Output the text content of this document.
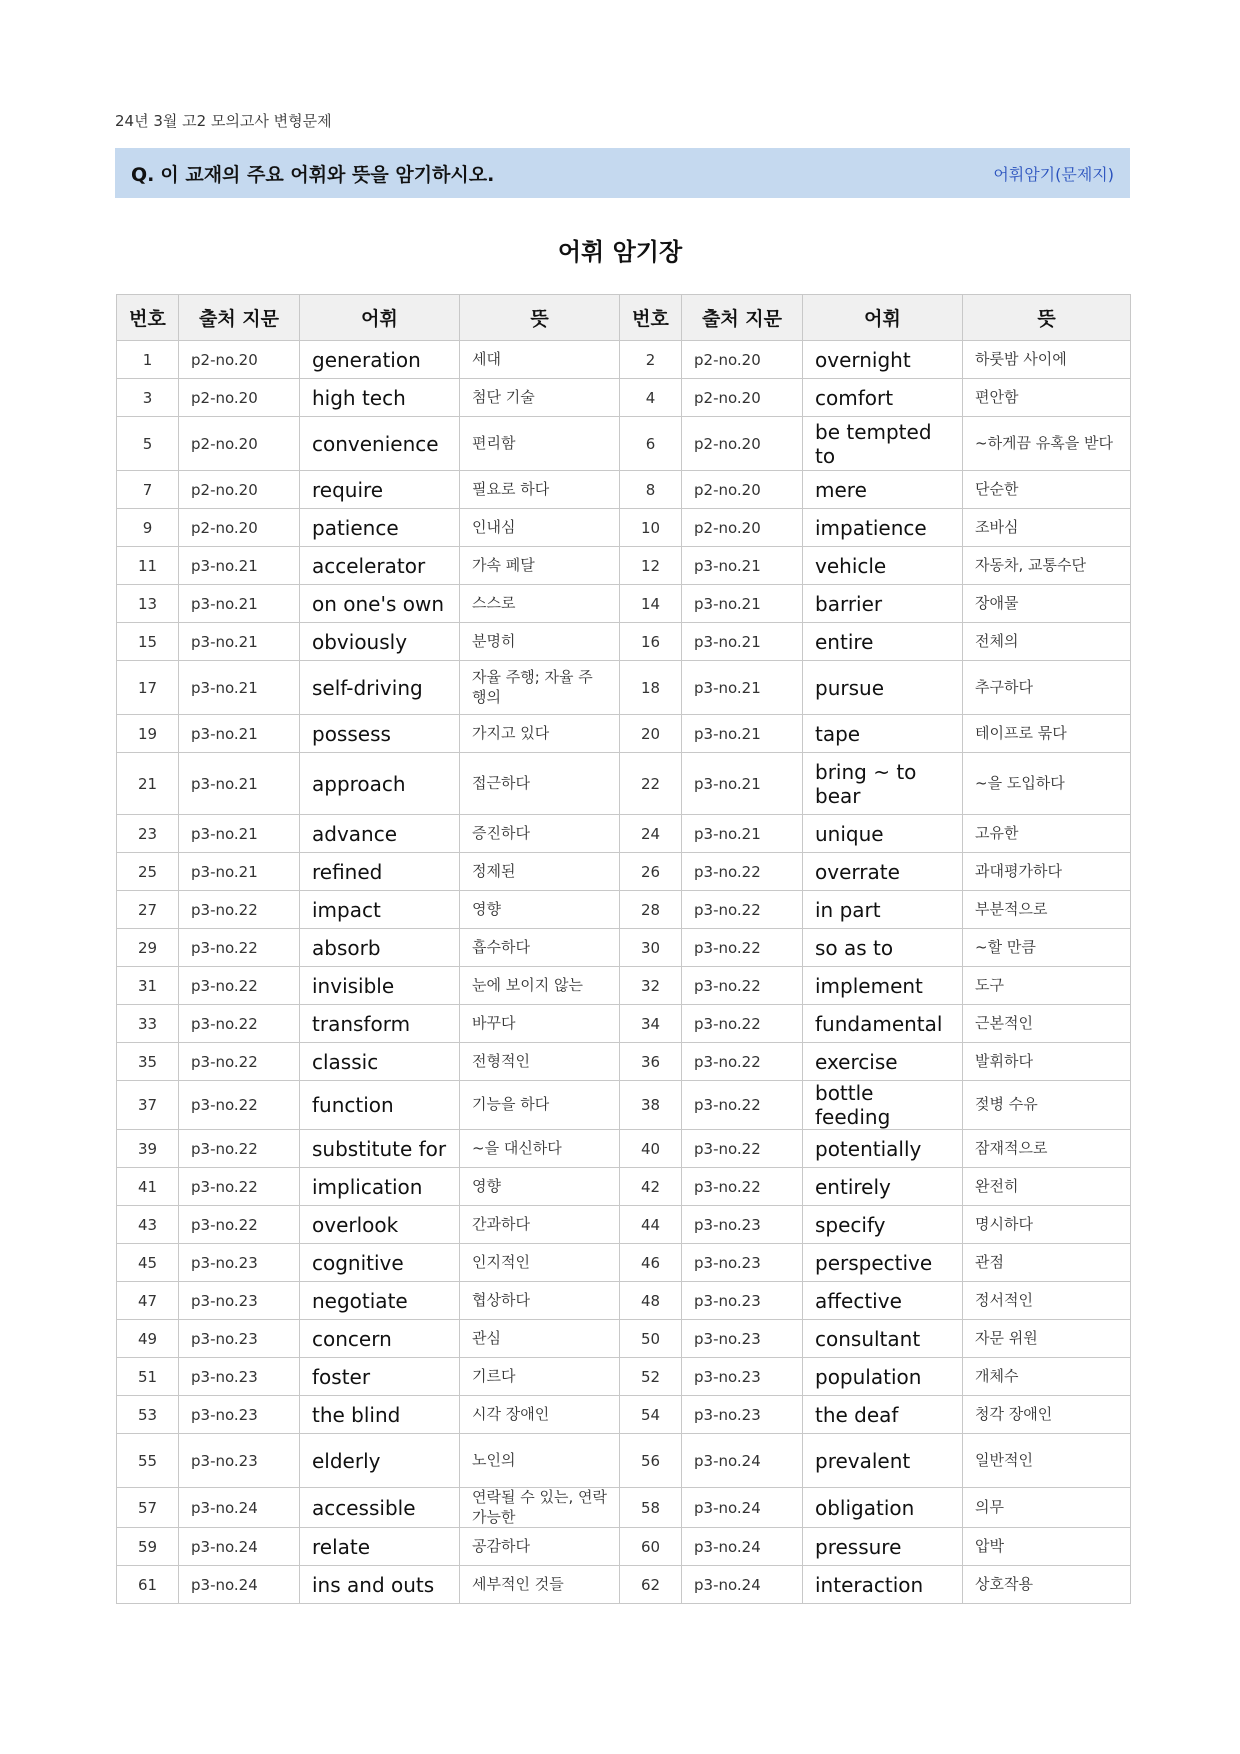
24년 3월 고2 모의고사 변형문제
Q. 이 교재의 주요 어휘와 뜻을 암기하시오.	어휘암기(문제지)
어휘 암기장
번호	출처 지문	어휘	뜻	번호	출처 지문	어휘	뜻
1	p2-no.20	generation	세대	2	p2-no.20	overnight	하룻밤 사이에
3	p2-no.20	high tech	첨단 기술	4	p2-no.20	comfort	편안함
5	p2-no.20	convenience	편리함	6	p2-no.20	be tempted to	~하게끔 유혹을 받다
7	p2-no.20	require	필요로 하다	8	p2-no.20	mere	단순한
9	p2-no.20	patience	인내심	10	p2-no.20	impatience	조바심
11	p3-no.21	accelerator	가속 페달	12	p3-no.21	vehicle	자동차, 교통수단
13	p3-no.21	on one's own	스스로	14	p3-no.21	barrier	장애물
15	p3-no.21	obviously	분명히	16	p3-no.21	entire	전체의
17	p3-no.21	self-driving	자율 주행; 자율 주행의	18	p3-no.21	pursue	추구하다
19	p3-no.21	possess	가지고 있다	20	p3-no.21	tape	테이프로 묶다
21	p3-no.21	approach	접근하다	22	p3-no.21	bring ~ to bear	~을 도입하다
23	p3-no.21	advance	증진하다	24	p3-no.21	unique	고유한
25	p3-no.21	refined	정제된	26	p3-no.22	overrate	과대평가하다
27	p3-no.22	impact	영향	28	p3-no.22	in part	부분적으로
29	p3-no.22	absorb	흡수하다	30	p3-no.22	so as to	~할 만큼
31	p3-no.22	invisible	눈에 보이지 않는	32	p3-no.22	implement	도구
33	p3-no.22	transform	바꾸다	34	p3-no.22	fundamental	근본적인
35	p3-no.22	classic	전형적인	36	p3-no.22	exercise	발휘하다
37	p3-no.22	function	기능을 하다	38	p3-no.22	bottle feeding	젖병 수유
39	p3-no.22	substitute for	~을 대신하다	40	p3-no.22	potentially	잠재적으로
41	p3-no.22	implication	영향	42	p3-no.22	entirely	완전히
43	p3-no.22	overlook	간과하다	44	p3-no.23	specify	명시하다
45	p3-no.23	cognitive	인지적인	46	p3-no.23	perspective	관점
47	p3-no.23	negotiate	협상하다	48	p3-no.23	affective	정서적인
49	p3-no.23	concern	관심	50	p3-no.23	consultant	자문 위원
51	p3-no.23	foster	기르다	52	p3-no.23	population	개체수
53	p3-no.23	the blind	시각 장애인	54	p3-no.23	the deaf	청각 장애인
55	p3-no.23	elderly	노인의	56	p3-no.24	prevalent	일반적인
57	p3-no.24	accessible	연락될 수 있는, 연락 가능한	58	p3-no.24	obligation	의무
59	p3-no.24	relate	공감하다	60	p3-no.24	pressure	압박
61	p3-no.24	ins and outs	세부적인 것들	62	p3-no.24	interaction	상호작용
